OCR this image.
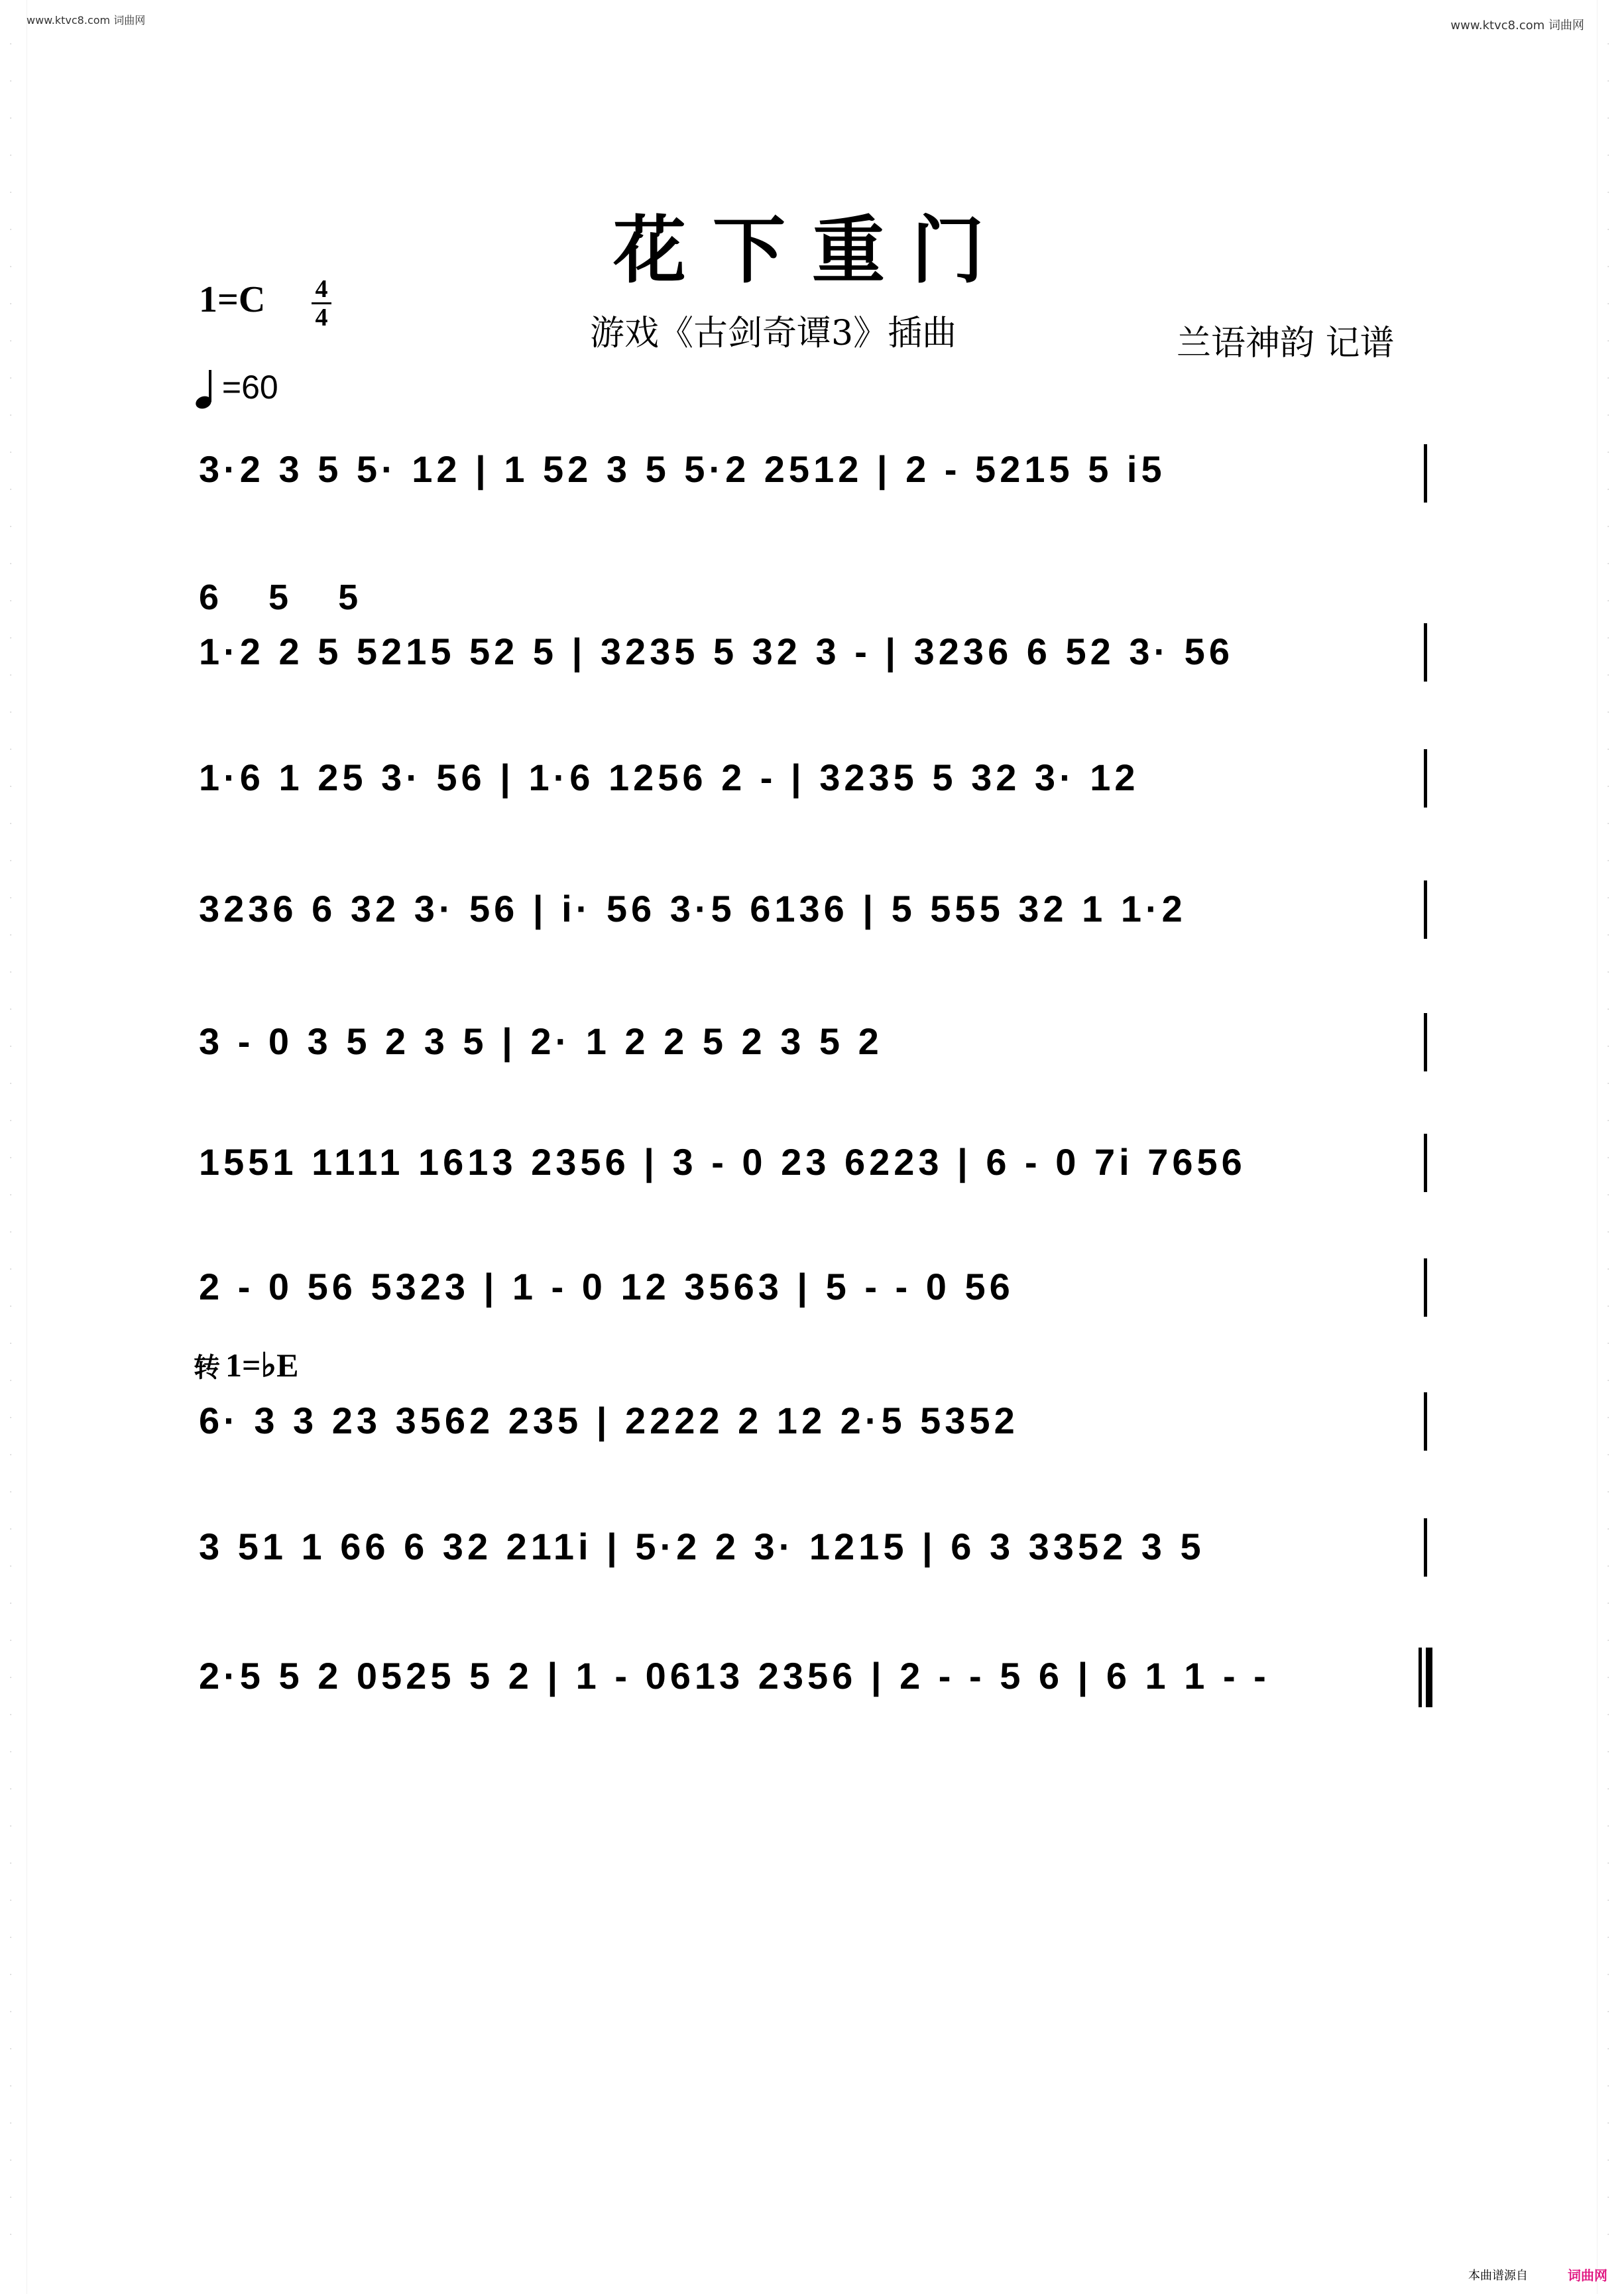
·
·
·
·
·
·
·
·
·
·
·
·
·
·
·
·
·
·
·
·
·
·
·
·
·
·
·
·
·
·
·
·
·
·
·
·
·
·
·
·
·
·
·
·
·
·
·
·
·
·
·
·
·
·
·
·
·
·
·
·
·
·
·
·
·
·
·
·
·
·
·
·
·
·
·
·
·
·
·
·
·
·
·
·
·
·
·
·
·
·
·
·
·
·
·
·
·
·
·
·
·
·
·
·
·
·
·
·
·
·
·
·
·
·
·
·
·
·
·
·
www.ktvc8.com 词曲网	www.ktvc8.com 词曲网
花下重门
1=C 4
4	游戏《古剑奇谭3》插曲	兰语神韵 记谱
=60
3·2 3 5 5· 12 | 1 52 3 5 5·2 2512 | 2 - 5215 5 i5
6 5 5
1·2 2 5 5215 52 5 | 3235 5 32 3 - | 3236 6 52 3· 56
1·6 1 25 3· 56 | 1·6 1256 2 - | 3235 5 32 3· 12
3236 6 32 3· 56 | i· 56 3·5 6136 | 5 555 32 1 1·2
3 - 0 3 5 2 3 5 | 2· 1 2 2 5 2 3 5 2
1551 1111 1613 2356 | 3 - 0 23 6223 | 6 - 0 7i 7656
2 - 0 56 5323 | 1 - 0 12 3563 | 5 - - 0 56
转 1=♭E
6· 3 3 23 3562 235 | 2222 2 12 2·5 5352
3 51 1 66 6 32 211i | 5·2 2 3· 1215 | 6 3 3352 3 5
2·5 5 2 0525 5 2 | 1 - 0613 2356 | 2 - - 5 6 | 6 1 1 - -
本曲谱源自	词曲网
